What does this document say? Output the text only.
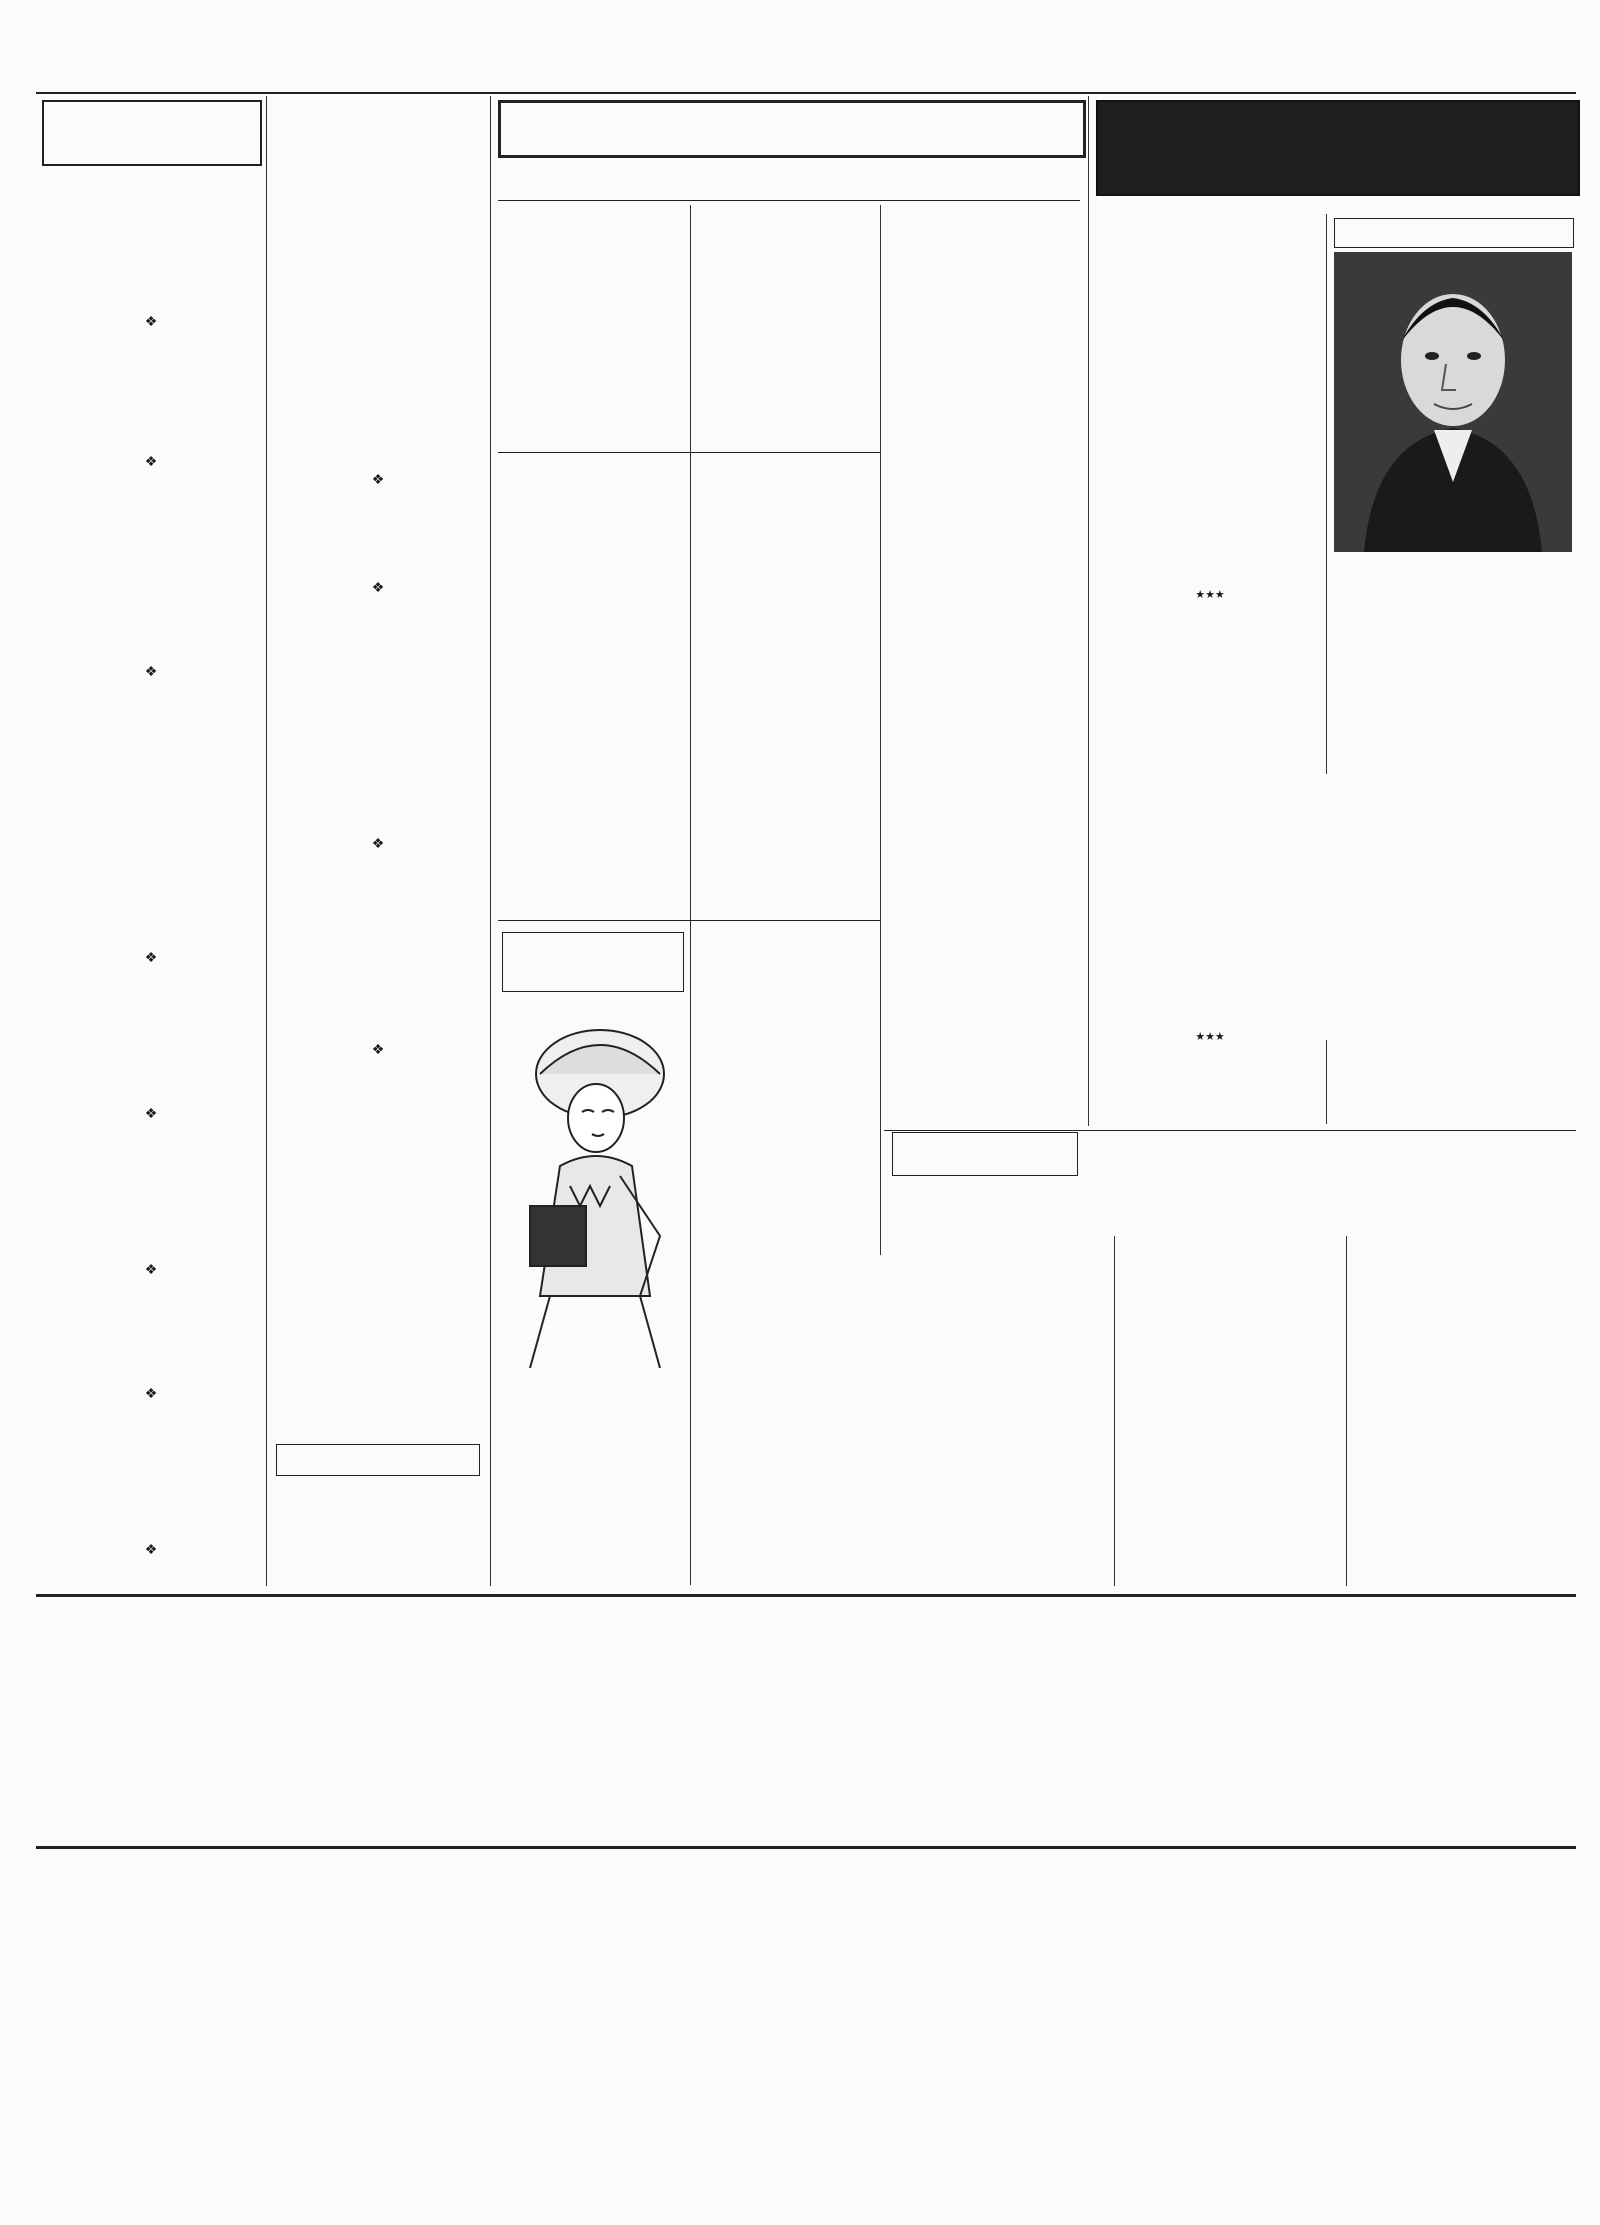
❖

❖

❖

❖

❖

❖

❖

❖

❖

❖

❖

❖

★★★

★★★
